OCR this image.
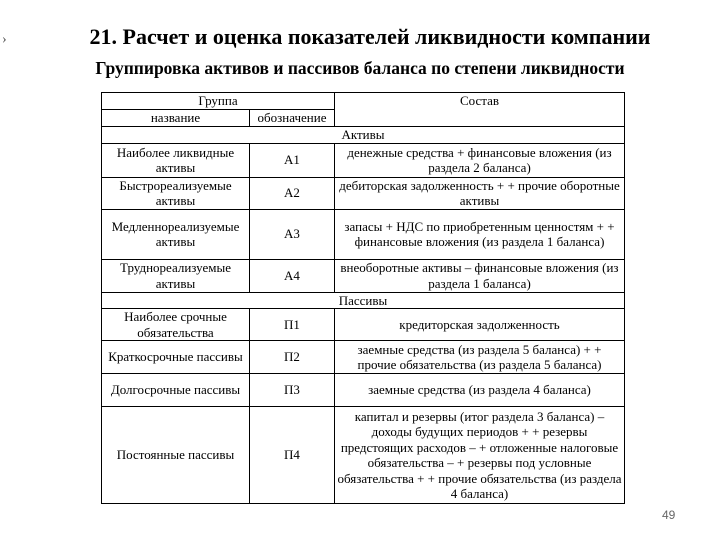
›	21. Расчет и оценка показателей ликвидности компании
Группировка активов и пассивов баланса по степени ликвидности
Группа		Состав
название	обозначение	
Активы		
Наиболее ликвидные активы	А1	денежные средства + финансовые вложения (из раздела 2 баланса)
Быстрореализуемые активы	А2	дебиторская задолженность + + прочие оборотные активы
Медленнореализуемые активы	А3	запасы + НДС по приобретенным ценностям + + финансовые вложения (из раздела 1 баланса)
Труднореализуемые активы	А4	внеоборотные активы – финансовые вложения (из раздела 1 баланса)
Пассивы		
Наиболее срочные обязательства	П1	кредиторская задолженность
Краткосрочные пассивы	П2	заемные средства (из раздела 5 баланса) + + прочие обязательства (из раздела 5 баланса)
Долгосрочные пассивы	П3	заемные средства (из раздела 4 баланса)
Постоянные пассивы	П4	капитал и резервы (итог раздела 3 баланса) – доходы будущих периодов + + резервы предстоящих расходов – + отложенные налоговые обязательства – + резервы под условные обязательства + + прочие обязательства (из раздела 4 баланса)
49
